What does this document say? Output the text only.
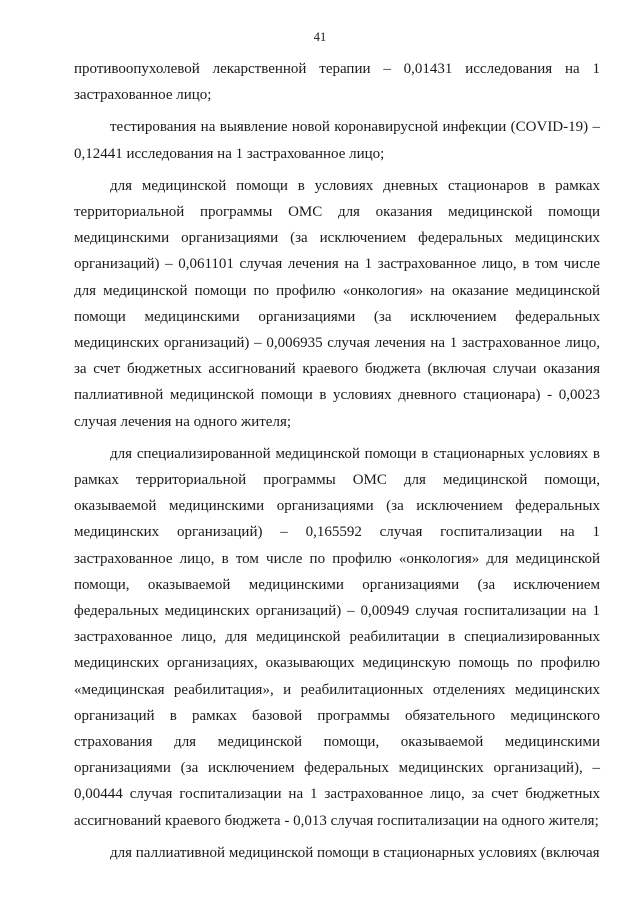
41

противоопухолевой лекарственной терапии – 0,01431 исследования на 1 застрахованное лицо;

тестирования на выявление новой коронавирусной инфекции (COVID-19) – 0,12441 исследования на 1 застрахованное лицо;

для медицинской помощи в условиях дневных стационаров в рамках территориальной программы ОМС для оказания медицинской помощи медицинскими организациями (за исключением федеральных медицинских организаций) – 0,061101 случая лечения на 1 застрахованное лицо, в том числе для медицинской помощи по профилю «онкология» на оказание медицинской помощи медицинскими организациями (за исключением федеральных медицинских организаций) – 0,006935 случая лечения на 1 застрахованное лицо, за счет бюджетных ассигнований краевого бюджета (включая случаи оказания паллиативной медицинской помощи в условиях дневного стационара) - 0,0023 случая лечения на одного жителя;

для специализированной медицинской помощи в стационарных условиях в рамках территориальной программы ОМС для медицинской помощи, оказываемой медицинскими организациями (за исключением федеральных медицинских организаций) – 0,165592 случая госпитализации на 1 застрахованное лицо, в том числе по профилю «онкология» для медицинской помощи, оказываемой медицинскими организациями (за исключением федеральных медицинских организаций) – 0,00949 случая госпитализации на 1 застрахованное лицо, для медицинской реабилитации в специализированных медицинских организациях, оказывающих медицинскую помощь по профилю «медицинская реабилитация», и реабилитационных отделениях медицинских организаций в рамках базовой программы обязательного медицинского страхования для медицинской помощи, оказываемой медицинскими организациями (за исключением федеральных медицинских организаций), – 0,00444 случая госпитализации на 1 застрахованное лицо, за счет бюджетных ассигнований краевого бюджета - 0,013 случая госпитализации на одного жителя;

для паллиативной медицинской помощи в стационарных условиях (включая
